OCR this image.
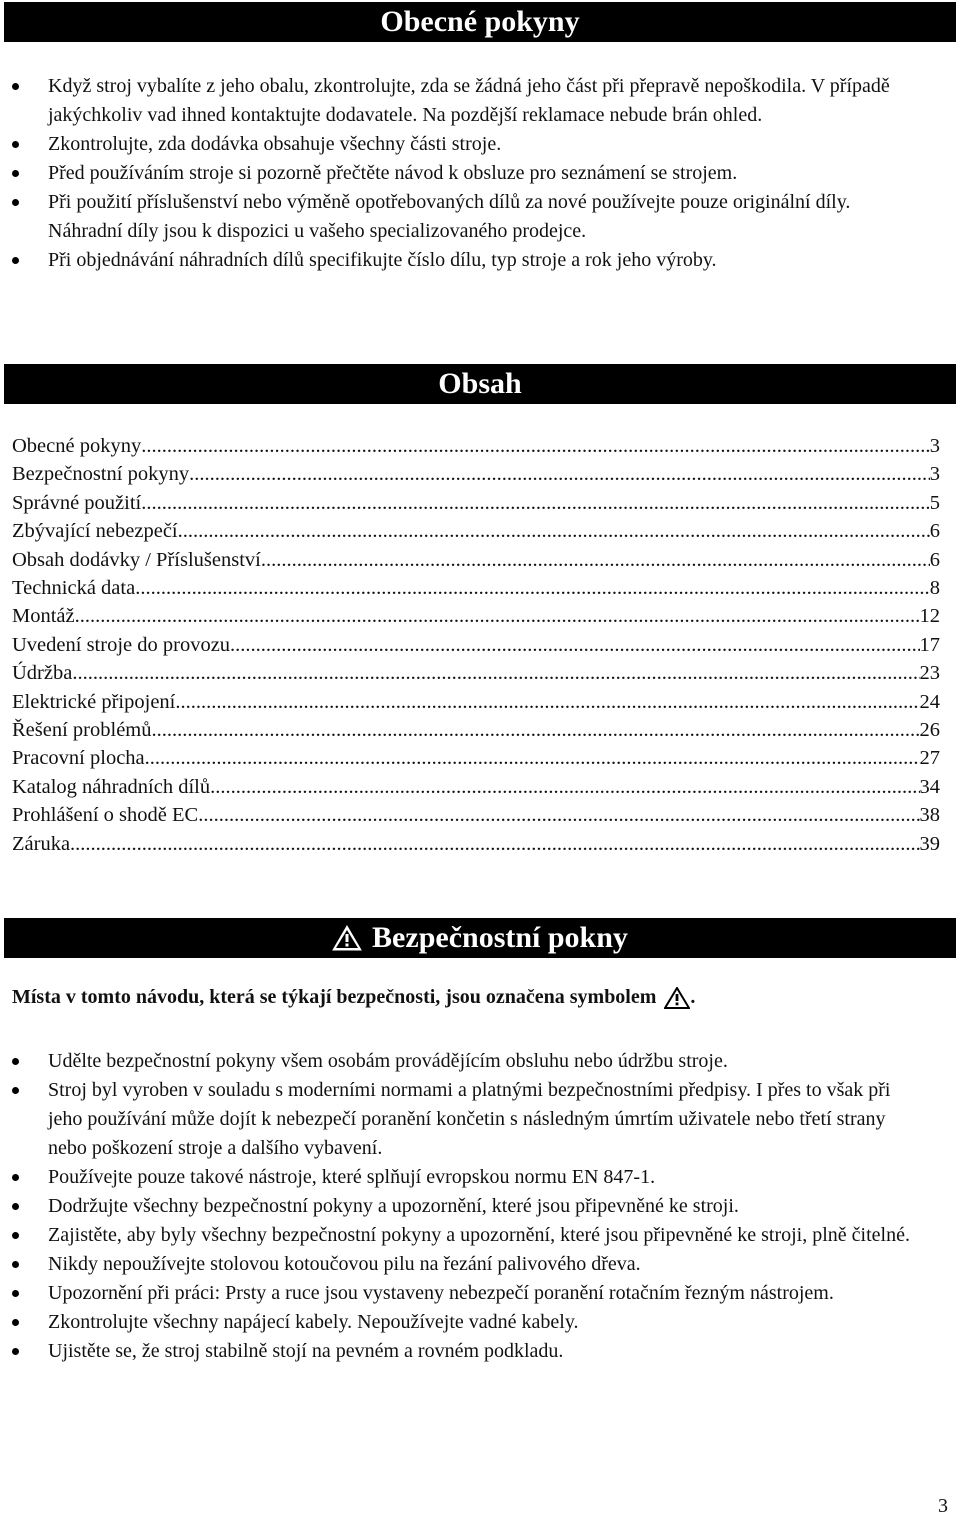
Obecné pokyny
Když stroj vybalíte z jeho obalu, zkontrolujte, zda se žádná jeho část při přepravě nepoškodila. V případě jakýchkoliv vad ihned kontaktujte dodavatele. Na pozdější reklamace nebude brán ohled.
Zkontrolujte, zda dodávka obsahuje všechny části stroje.
Před používáním stroje si pozorně přečtěte návod k obsluze pro seznámení se strojem.
Při použití příslušenství nebo výměně opotřebovaných dílů za nové používejte pouze originální díly. Náhradní díly jsou k dispozici u vašeho specializovaného prodejce.
Při objednávání náhradních dílů specifikujte číslo dílu, typ stroje a rok jeho výroby.
Obsah
Obecné pokyny .....	3
Bezpečnostní pokyny .....	3
Správné použití .....	5
Zbývající nebezpečí .....	6
Obsah dodávky / Příslušenství .....	6
Technická data .....	8
Montáž .....	12
Uvedení stroje do provozu .....	17
Údržba .....	23
Elektrické připojení .....	24
Řešení problémů .....	26
Pracovní plocha .....	27
Katalog náhradních dílů .....	34
Prohlášení o shodě EC .....	38
Záruka .....	39
Bezpečnostní pokny
Místa v tomto návodu, která se týkají bezpečnosti, jsou označena symbolem .
Udělte bezpečnostní pokyny všem osobám provádějícím obsluhu nebo údržbu stroje.
Stroj byl vyroben v souladu s moderními normami a platnými bezpečnostními předpisy. I přes to však při jeho používání může dojít k nebezpečí poranění končetin s následným úmrtím uživatele nebo třetí strany nebo poškození stroje a dalšího vybavení.
Používejte pouze takové nástroje, které splňují evropskou normu EN 847-1.
Dodržujte všechny bezpečnostní pokyny a upozornění, které jsou připevněné ke stroji.
Zajistěte, aby byly všechny bezpečnostní pokyny a upozornění, které jsou připevněné ke stroji, plně čitelné.
Nikdy nepoužívejte stolovou kotoučovou pilu na řezání palivového dřeva.
Upozornění při práci: Prsty a ruce jsou vystaveny nebezpečí poranění rotačním řezným nástrojem.
Zkontrolujte všechny napájecí kabely. Nepoužívejte vadné kabely.
Ujistěte se, že stroj stabilně stojí na pevném a rovném podkladu.
3
